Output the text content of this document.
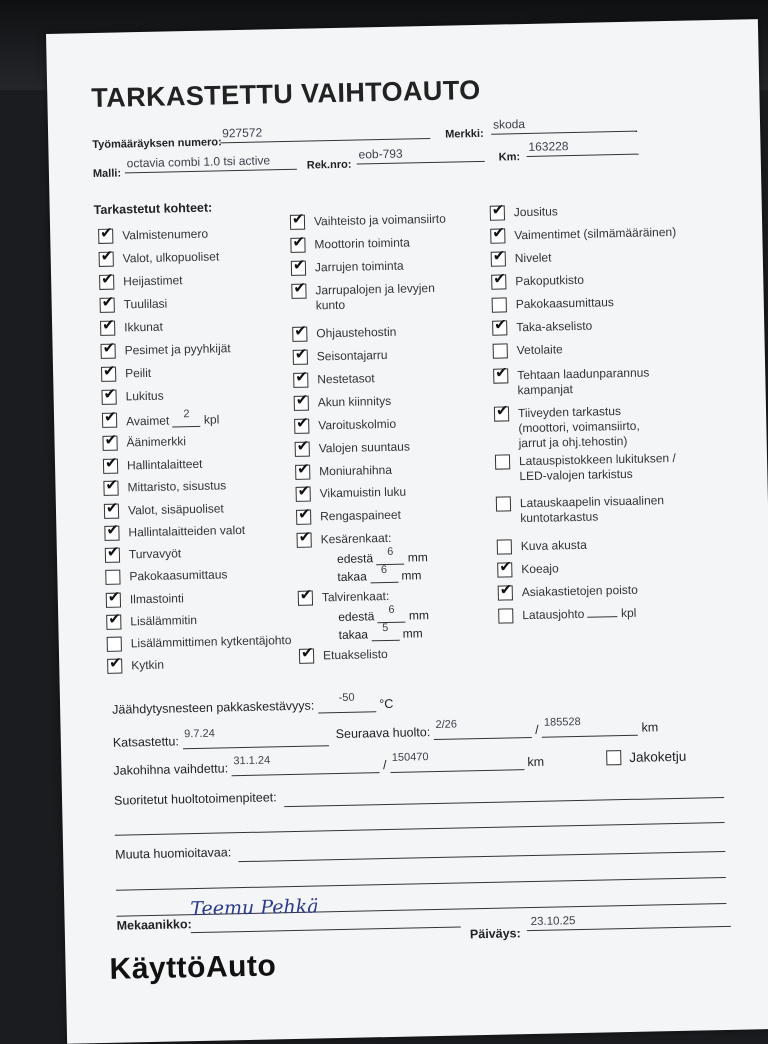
TARKASTETTU VAIHTOAUTO
Työmääräyksen numero:
927572	Merkki:
skoda
Malli:
octavia combi 1.0 tsi active	Rek.nro:
eob-793	Km:
163228
Tarkastetut kohteet:
✔ Valmistenumero
✔ Valot, ulkopuoliset
✔ Heijastimet
✔ Tuulilasi
✔ Ikkunat
✔ Pesimet ja pyyhkijät
✔ Peilit
✔ Lukitus
✔ Avaimet 2 kpl
✔ Äänimerkki
✔ Hallintalaitteet
✔ Mittaristo, sisustus
✔ Valot, sisäpuoliset
✔ Hallintalaitteiden valot
✔ Turvavyöt
Pakokaasumittaus
✔ Ilmastointi
✔ Lisälämmitin
Lisälämmittimen kytkentäjohto
✔ Kytkin
✔ Vaihteisto ja voimansiirto
✔ Moottorin toiminta
✔ Jarrujen toiminta
✔ Jarrupalojen ja levyjen
kunto
✔ Ohjaustehostin
✔ Seisontajarru
✔ Nestetasot
✔ Akun kiinnitys
✔ Varoituskolmio
✔ Valojen suuntaus
✔ Moniurahihna
✔ Vikamuistin luku
✔ Rengaspaineet
✔ Kesärenkaat:
✔ Talvirenkaat:
✔ Etuakselisto
edestä 6 mm
takaa 6 mm
edestä 6 mm
takaa 5 mm
✔ Jousitus
✔ Vaimentimet (silmämääräinen)
✔ Nivelet
✔ Pakoputkisto
Pakokaasumittaus
✔ Taka-akselisto
Vetolaite
✔ Tehtaan laadunparannus
kampanjat
✔ Tiiveyden tarkastus
(moottori, voimansiirto,
jarrut ja ohj.tehostin)
Latauspistokkeen lukituksen /
LED-valojen tarkistus
Latauskaapelin visuaalinen
kuntotarkastus
Kuva akusta
✔ Koeajo
✔ Asiakastietojen poisto
Latausjohto	kpl
Jäähdytysnesteen pakkaskestävyys: -50 °C
Katsastettu: 9.7.24	Seuraava huolto: 2/26	/ 185528	km
Jakohihna vaihdettu: 31.1.24	/ 150470	km	Jakoketju
Suoritetut huoltotoimenpiteet:
Muuta huomioitavaa:
Mekaanikko:
Teemu Pehkä
Päiväys:
23.10.25
KäyttöAuto
